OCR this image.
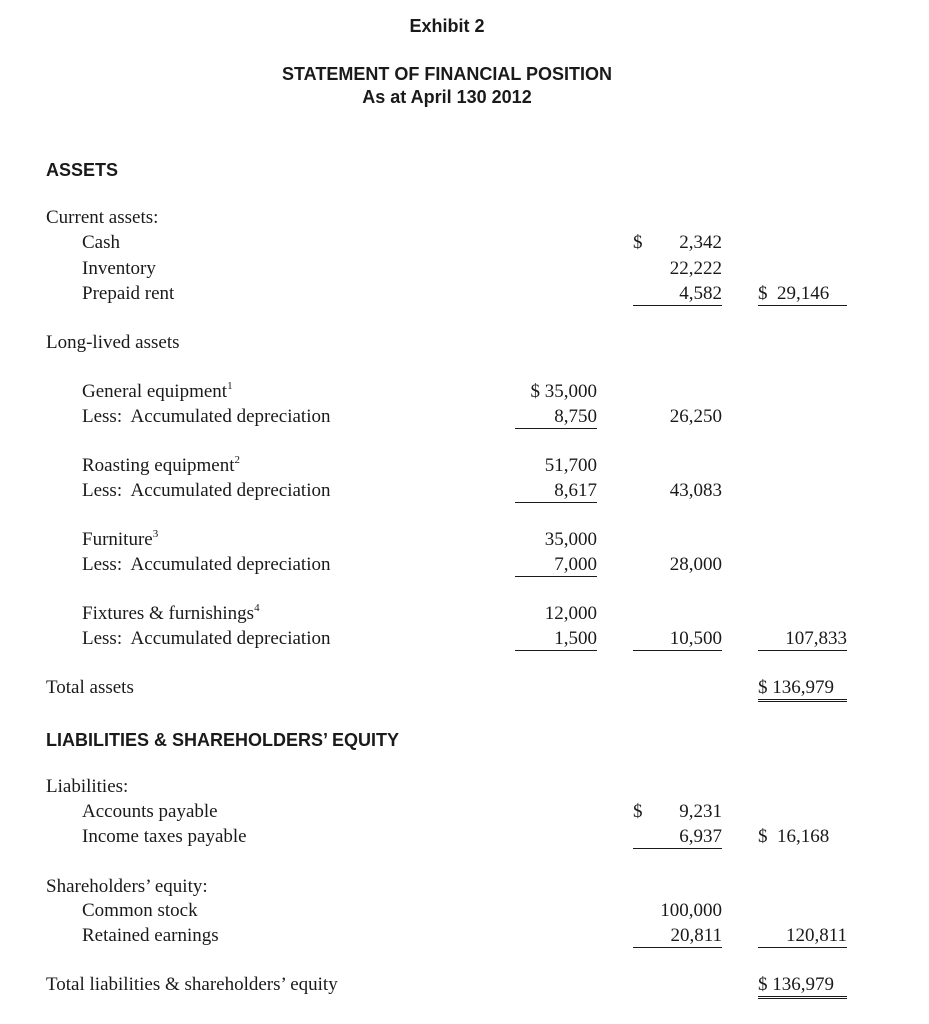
Exhibit 2
STATEMENT OF FINANCIAL POSITION
As at April 130 2012
ASSETS
Current assets:
Cash	$ 2,342
Inventory	22,222
Prepaid rent	4,582 $  29,146
Long-lived assets
General equipment$^1$	$ 35,000
Less:  Accumulated depreciation	8,750	26,250
Roasting equipment$^2$	51,700
Less:  Accumulated depreciation	8,617	43,083
Furniture$^3$	35,000
Less:  Accumulated depreciation	7,000	28,000
Fixtures & furnishings$^4$	12,000
Less:  Accumulated depreciation	1,500	10,500	107,833
Total assets	$ 136,979
LIABILITIES & SHAREHOLDERS’ EQUITY
Liabilities:
Accounts payable	$ 9,231
Income taxes payable	6,937 $  16,168
Shareholders’ equity:
Common stock	100,000
Retained earnings	20,811	120,811
Total liabilities & shareholders’ equity	$ 136,979
